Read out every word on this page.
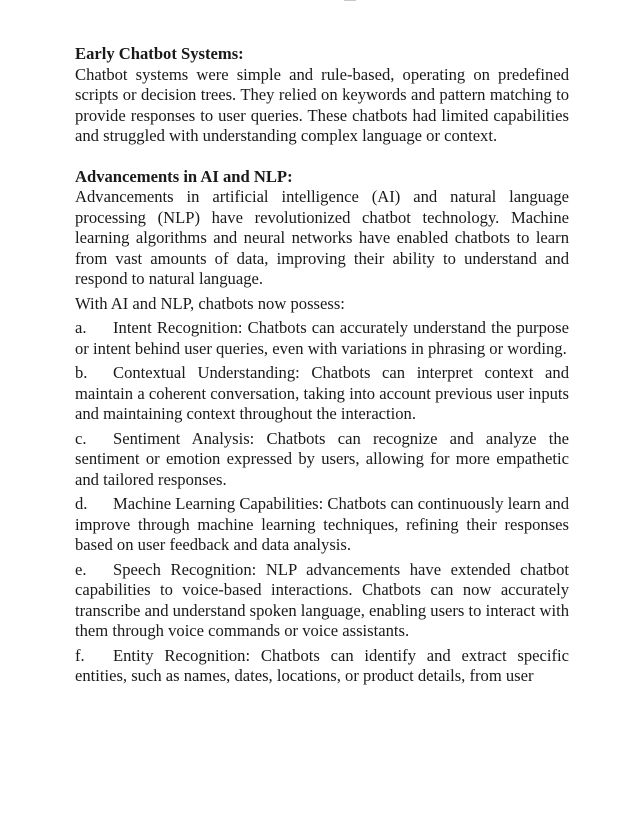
Early Chatbot Systems:

Chatbot systems were simple and rule-based, operating on predefined scripts or decision trees. They relied on keywords and pattern matching to provide responses to user queries. These chatbots had limited capabilities and struggled with understanding complex language or context.

Advancements in AI and NLP:

Advancements in artificial intelligence (AI) and natural language processing (NLP) have revolutionized chatbot technology. Machine learning algorithms and neural networks have enabled chatbots to learn from vast amounts of data, improving their ability to understand and respond to natural language.

With AI and NLP, chatbots now possess:

a. Intent Recognition: Chatbots can accurately understand the purpose or intent behind user queries, even with variations in phrasing or wording.

b. Contextual Understanding: Chatbots can interpret context and maintain a coherent conversation, taking into account previous user inputs and maintaining context throughout the interaction.

c. Sentiment Analysis: Chatbots can recognize and analyze the sentiment or emotion expressed by users, allowing for more empathetic and tailored responses.

d. Machine Learning Capabilities: Chatbots can continuously learn and improve through machine learning techniques, refining their responses based on user feedback and data analysis.

e. Speech Recognition: NLP advancements have extended chatbot capabilities to voice-based interactions. Chatbots can now accurately transcribe and understand spoken language, enabling users to interact with them through voice commands or voice assistants.

f. Entity Recognition: Chatbots can identify and extract specific entities, such as names, dates, locations, or product details, from user
